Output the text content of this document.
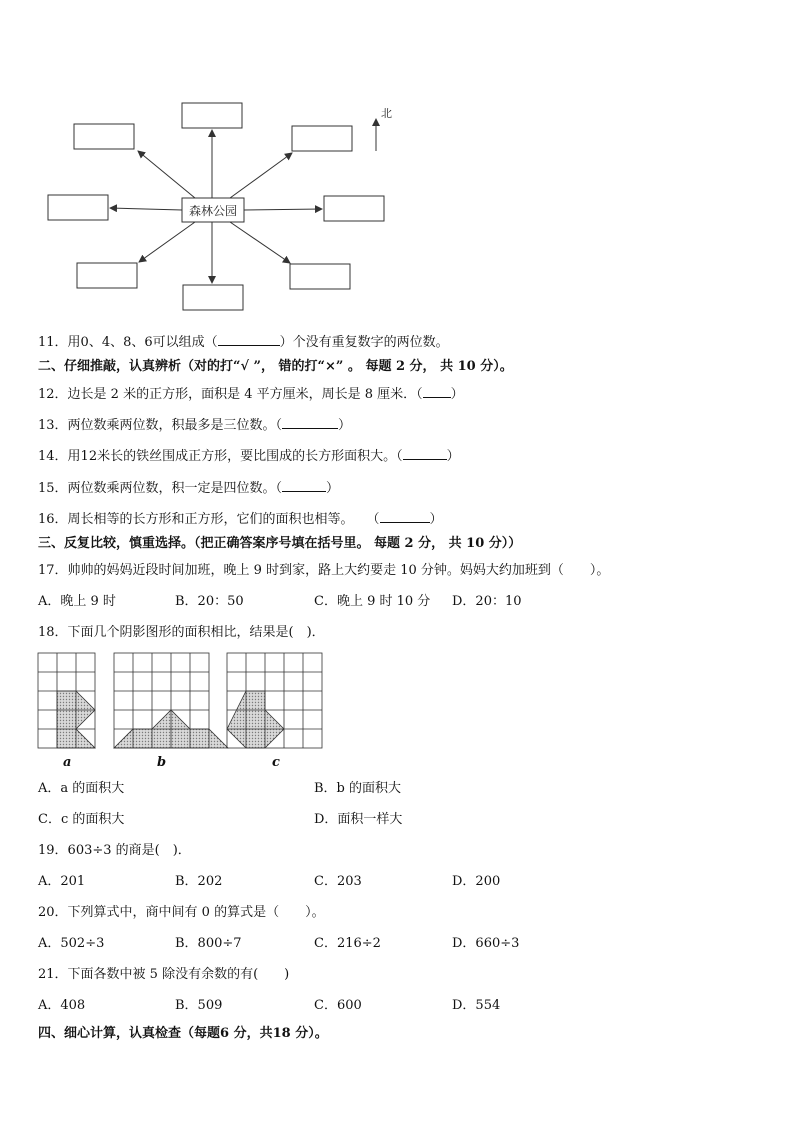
森林公园
北
11．用0、4、8、6可以组成（	）个没有重复数字的两位数。
二、仔细推敲，认真辨析（对的打“√ ”， 错的打“×” 。 每题 2 分， 共 10 分）。
12．边长是 2 米的正方形，面积是 4 平方厘米，周长是 8 厘米．（ ）
13．两位数乘两位数，积最多是三位数。（	）
14．用12米长的铁丝围成正方形，要比围成的长方形面积大。（	）
15．两位数乘两位数，积一定是四位数。（	）
16．周长相等的长方形和正方形，它们的面积也相等。　　（	）
三、反复比较，慎重选择。（把正确答案序号填在括号里。 每题 2 分， 共 10 分））
17．帅帅的妈妈近段时间加班，晚上 9 时到家，路上大约要走 10 分钟。妈妈大约加班到（　　）。
A．晚上 9 时	B．20：50	C．晚上 9 时 10 分 D．20：10
18．下面几个阴影图形的面积相比，结果是(　)．
a	b	c
A．a 的面积大	B．b 的面积大
C．c 的面积大	D．面积一样大
19．603÷3 的商是(　)．
A．201	B．202	C．203	D．200
20．下列算式中，商中间有 0 的算式是（　　）。
A．502÷3	B．800÷7	C．216÷2	D．660÷3
21．下面各数中被 5 除没有余数的有(　　)
A．408	B．509	C．600	D．554
四、细心计算，认真检查（每题6 分，共18 分）。
